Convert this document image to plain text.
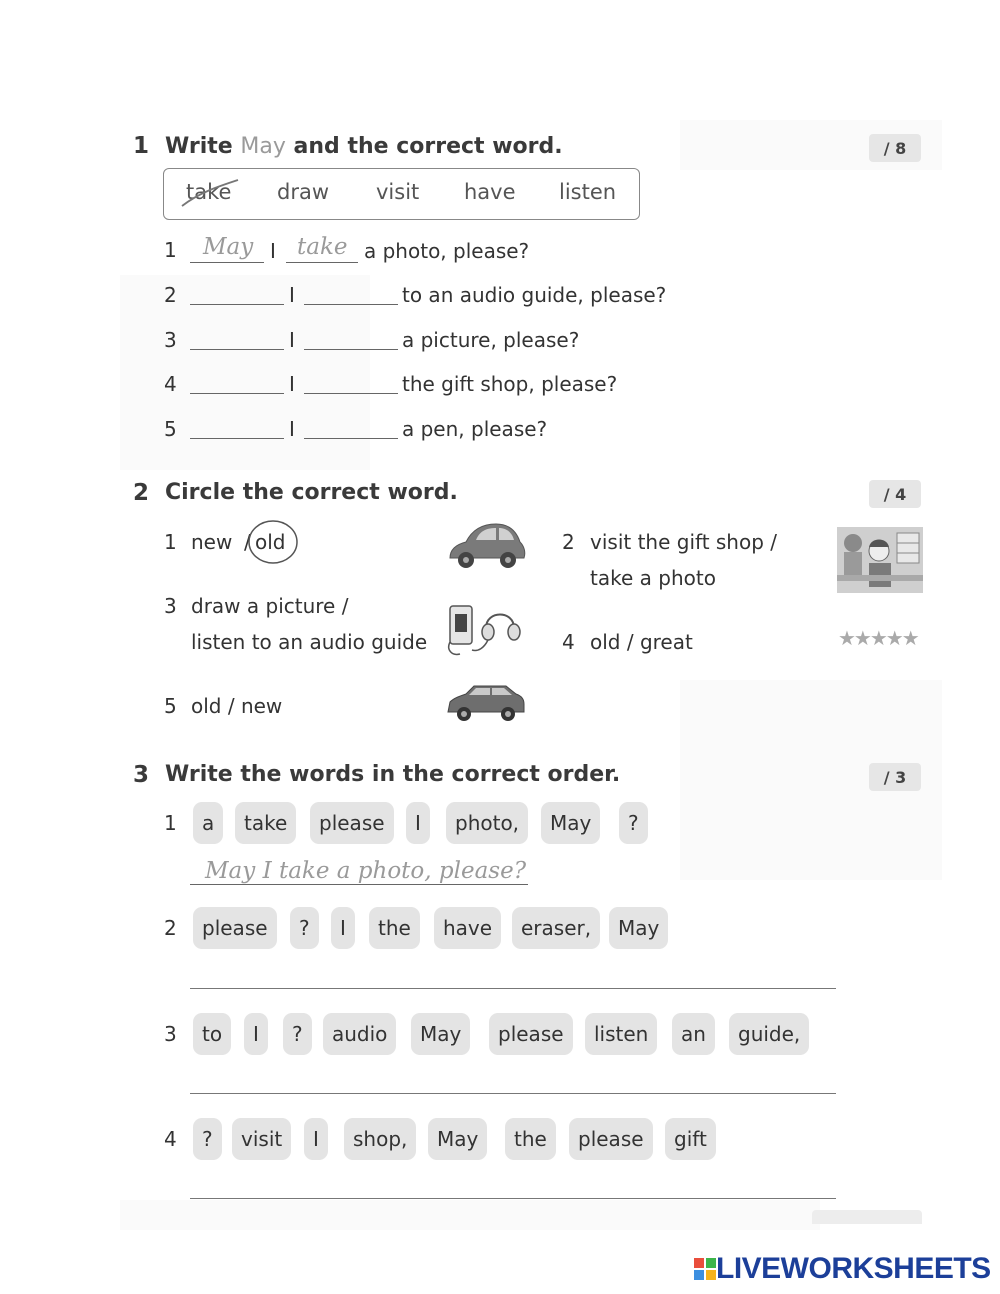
1 Write May and the correct word.	/ 8
take draw visit have listen
1 May I take a photo, please?
2	I	to an audio guide, please?
3	I	a picture, please?
4	I	the gift shop, please?
5	I	a pen, please?
2 Circle the correct word.	/ 4
1 new / old	2 visit the gift shop /
take a photo
3 draw a picture /
listen to an audio guide	4 old / great	★★★★★
5 old / new
3 Write the words in the correct order.	/ 3
1	a	take	please	I	photo,	May	?
May I take a photo, please?
2	please	?	I	the	have	eraser,	May
3	to	I	?	audio	May	please	listen	an	guide,
4	?	visit	I	shop,	May	the	please	gift
LIVEWORKSHEETS
